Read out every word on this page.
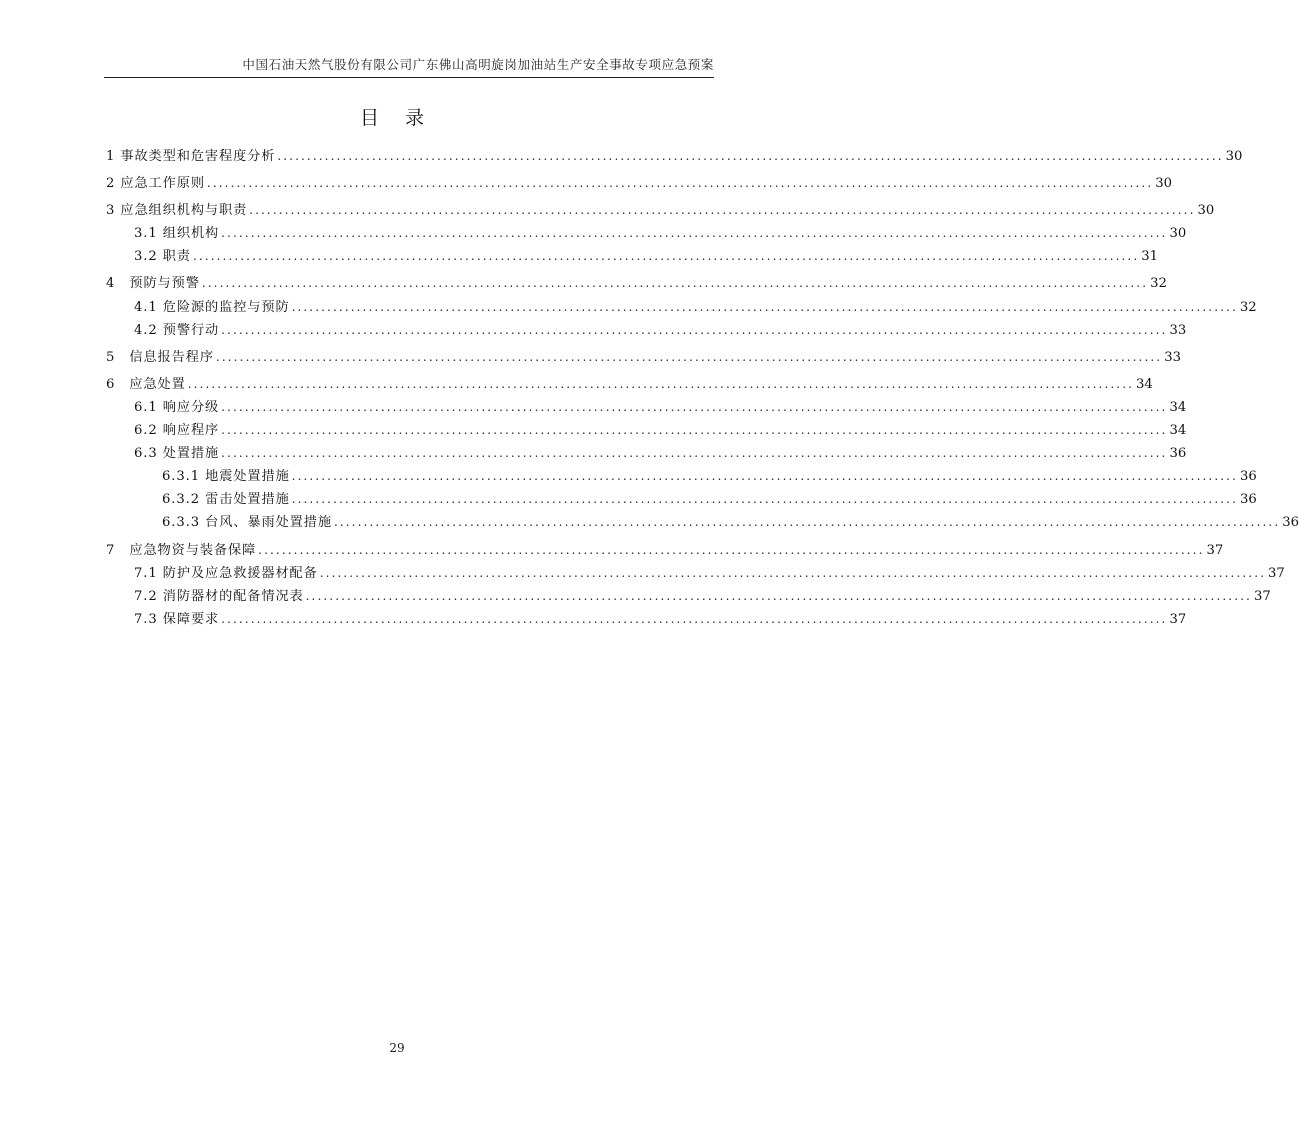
中国石油天然气股份有限公司广东佛山高明旋岗加油站生产安全事故专项应急预案
目 录
1 事故类型和危害程度分析 ................................................................................................................................................................ 30
2 应急工作原则 ................................................................................................................................................................ 30
3 应急组织机构与职责 ................................................................................................................................................................ 30
3.1 组织机构 ................................................................................................................................................................ 30
3.2 职责 ................................................................................................................................................................ 31
4　预防与预警 ................................................................................................................................................................ 32
4.1 危险源的监控与预防 ................................................................................................................................................................ 32
4.2 预警行动 ................................................................................................................................................................ 33
5　信息报告程序 ................................................................................................................................................................ 33
6　应急处置 ................................................................................................................................................................ 34
6.1 响应分级 ................................................................................................................................................................ 34
6.2 响应程序 ................................................................................................................................................................ 34
6.3 处置措施 ................................................................................................................................................................ 36
6.3.1 地震处置措施 ................................................................................................................................................................ 36
6.3.2 雷击处置措施 ................................................................................................................................................................ 36
6.3.3 台风、暴雨处置措施 ................................................................................................................................................................ 36
7　应急物资与装备保障 ................................................................................................................................................................ 37
7.1 防护及应急救援器材配备 ................................................................................................................................................................ 37
7.2 消防器材的配备情况表 ................................................................................................................................................................ 37
7.3 保障要求 ................................................................................................................................................................ 37
29
